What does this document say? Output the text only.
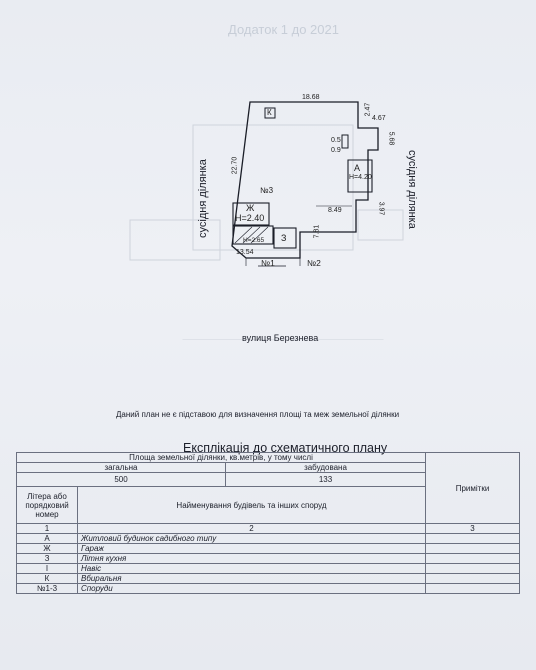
Додаток 1 до 2021
18.68
2.47
4.67
5.68
22.70
0.5
0.9
8.49	3.97
7.81
13.54
К
А
H=4.20
Ж
H=2.40
Н=2.65 З
№3
№1	№2
сусідня ділянка	сусідня ділянка
вулиця Березнева
Даний план не є підставою для визначення площі та меж земельної ділянки
Експлікація до схематичного плану
Площа земельної ділянки, кв.метрів, у тому числі			Примітки
загальна		забудована	
500		133	
Літера або порядковий номер	Найменування будівель та інших споруд		
1	2		3
А	Житловий будинок садибного типу		
Ж	Гараж		
З	Літня кухня		
І	Навіс		
К	Вбиральня		
№1-3	Споруди		
